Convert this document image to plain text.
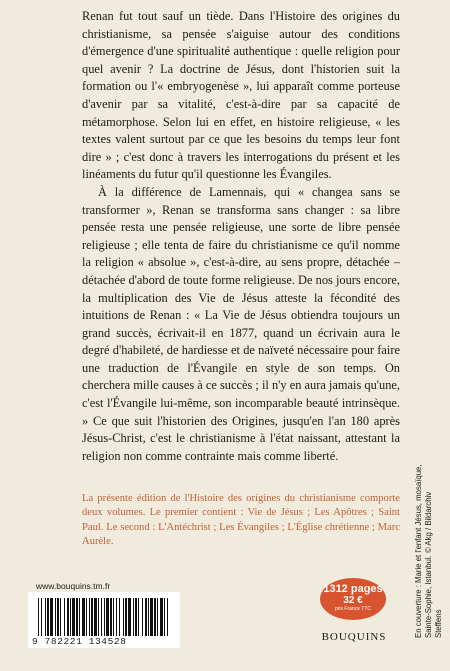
Renan fut tout sauf un tiède. Dans l'Histoire des origines du christianisme, sa pensée s'aiguise autour des conditions d'émergence d'une spiritualité authentique : quelle religion pour quel avenir ? La doctrine de Jésus, dont l'historien suit la formation ou l'« embryogenèse », lui apparaît comme porteuse d'avenir par sa vitalité, c'est-à-dire par sa capacité de métamorphose. Selon lui en effet, en histoire religieuse, « les textes valent surtout par ce que les besoins du temps leur font dire » ; c'est donc à travers les interrogations du présent et les linéaments du futur qu'il questionne les Évangiles.

À la différence de Lamennais, qui « changea sans se transformer », Renan se transforma sans changer : sa libre pensée resta une pensée religieuse, une sorte de libre pensée religieuse ; elle tenta de faire du christianisme ce qu'il nomme la religion « absolue », c'est-à-dire, au sens propre, détachée – détachée d'abord de toute forme religieuse. De nos jours encore, la multiplication des Vie de Jésus atteste la fécondité des intuitions de Renan : « La Vie de Jésus obtiendra toujours un grand succès, écrivait-il en 1877, quand un écrivain aura le degré d'habileté, de hardiesse et de naïveté nécessaire pour faire une traduction de l'Évangile en style de son temps. On cherchera mille causes à ce succès ; il n'y en aura jamais qu'une, c'est l'Évangile lui-même, son incomparable beauté intrinsèque. » Ce que suit l'historien des Origines, jusqu'en l'an 180 après Jésus-Christ, c'est le christianisme à l'état naissant, attestant la religion non comme contrainte mais comme liberté.

La présente édition de l'Histoire des origines du christianisme comporte deux volumes. Le premier contient : Vie de Jésus ; Les Apôtres ; Saint Paul. Le second : L'Antéchrist ; Les Évangiles ; L'Église chrétienne ; Marc Aurèle.	En couverture : Marie et l'enfant Jésus, mosaïque, Sainte-Sophie, Istanbul. © Akg / Bildarchiv Steffens
www.bouquins.tm.fr
9 782221 134528
1312 pages
32 €
prix France TTC
BOUQUINS
